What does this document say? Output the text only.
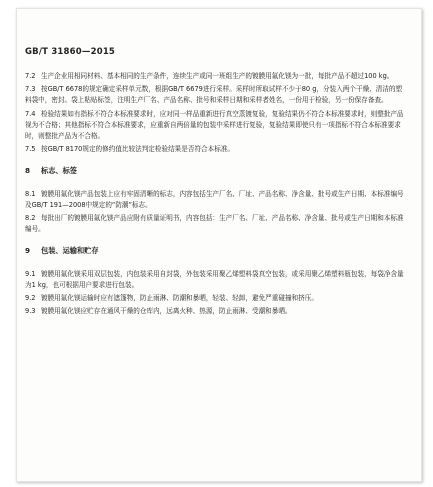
GB/T 31860—2015
7.2 生产企业用相同材料、基本相同的生产条件，连续生产或同一班组生产的镀膜用氟化镁为一批，每批产品不超过100 kg。
7.3 按GB/T 6678的规定确定采样单元数，根据GB/T 6679进行采样。采样时所取试样不少于80 g，分装入两个干燥、清洁的塑料袋中，密封。袋上粘贴标签，注明生产厂名、产品名称、批号和采样日期和采样者姓名，一份用于检验，另一份保存备查。
7.4 检验结果如有指标不符合本标准要求时，应对同一样品重新进行真空蒸镀复验，复验结果仍不符合本标准要求时，则整批产品视为不合格；其他指标不符合本标准要求，应重新自两倍量的包装中采样进行复验，复验结果即使只有一项指标不符合本标准要求时，则整批产品为不合格。
7.5 按GB/T 8170规定的修约值比较法判定检验结果是否符合本标准。
8 标志、标签
8.1 镀膜用氟化镁产品包装上应有牢固清晰的标志，内容包括生产厂名、厂址、产品名称、净含量、批号或生产日期、本标准编号及GB/T 191—2008中规定的“防潮”标志。
8.2 每批出厂的镀膜用氟化镁产品应附有质量证明书，内容包括：生产厂名、厂址、产品名称、净含量、批号或生产日期和本标准编号。
9 包装、运输和贮存
9.1 镀膜用氟化镁采用双层包装，内包装采用自封袋，外包装采用聚乙烯塑料袋真空包装，或采用聚乙烯塑料瓶包装，每袋净含量为1 kg，也可根据用户要求进行包装。
9.2 镀膜用氟化镁运输时应有遮篷物，防止雨淋、防潮和暴晒，轻装、轻卸，避免严重碰撞和挤压。
9.3 镀膜用氟化镁应贮存在通风干燥的仓库内，远离火种、热源，防止雨淋、受潮和暴晒。
